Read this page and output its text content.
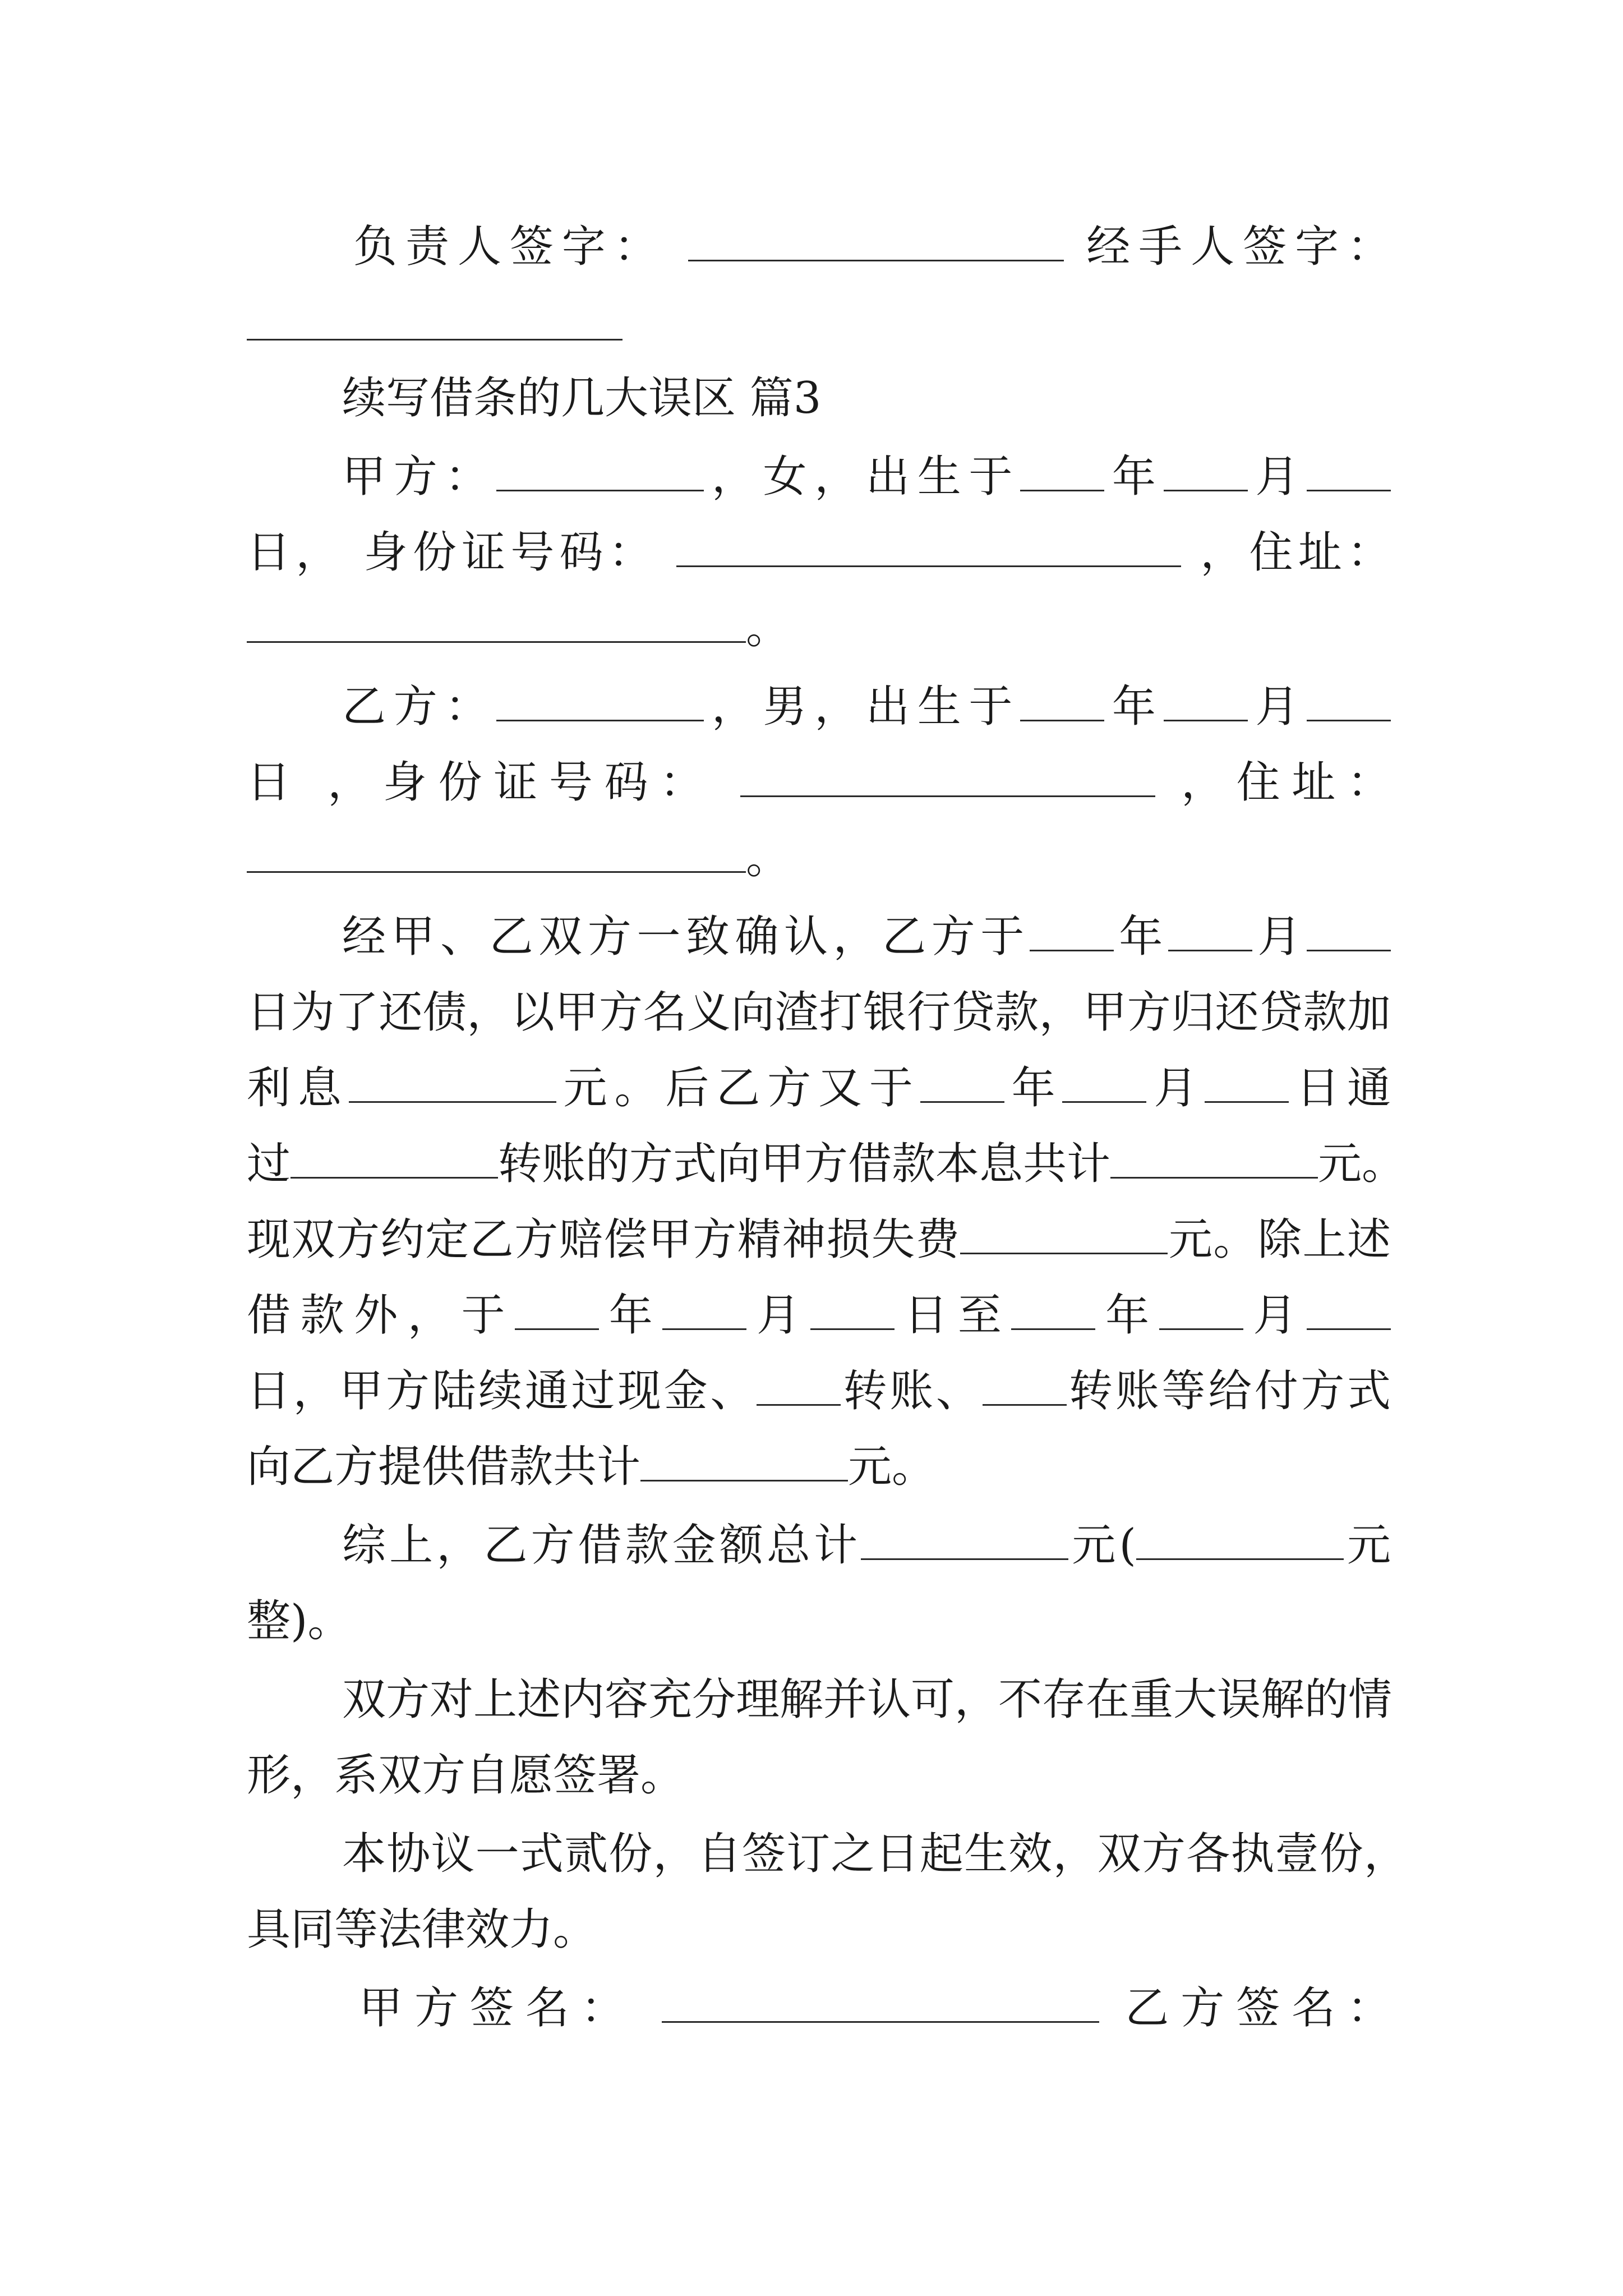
负责人签字：	经手人签字：
续写借条的几大误区 篇3
甲方：	，女，出生于 年 月
日， 身份证号码：	，住址：
。
乙方：	，男，出生于 年 月
日 ，身份证号码：	，住址：
。
经甲、乙双方一致确认，乙方于 年 月
日为了还债，以甲方名义向渣打银行贷款，甲方归还贷款加
利息	元。后乙方又于 年 月 日通
过	转账的方式向甲方借款本息共计	元。
现双方约定乙方赔偿甲方精神损失费	元。除上述
借款外，于 年 月 日至 年 月
日，甲方陆续通过现金、 转账、 转账等给付方式
向乙方提供借款共计	元。
综上，乙方借款金额总计	元(	元
整)。
双方对上述内容充分理解并认可，不存在重大误解的情
形，系双方自愿签署。
本协议一式贰份，自签订之日起生效，双方各执壹份，
具同等法律效力。
甲方签名：	乙方签名：
